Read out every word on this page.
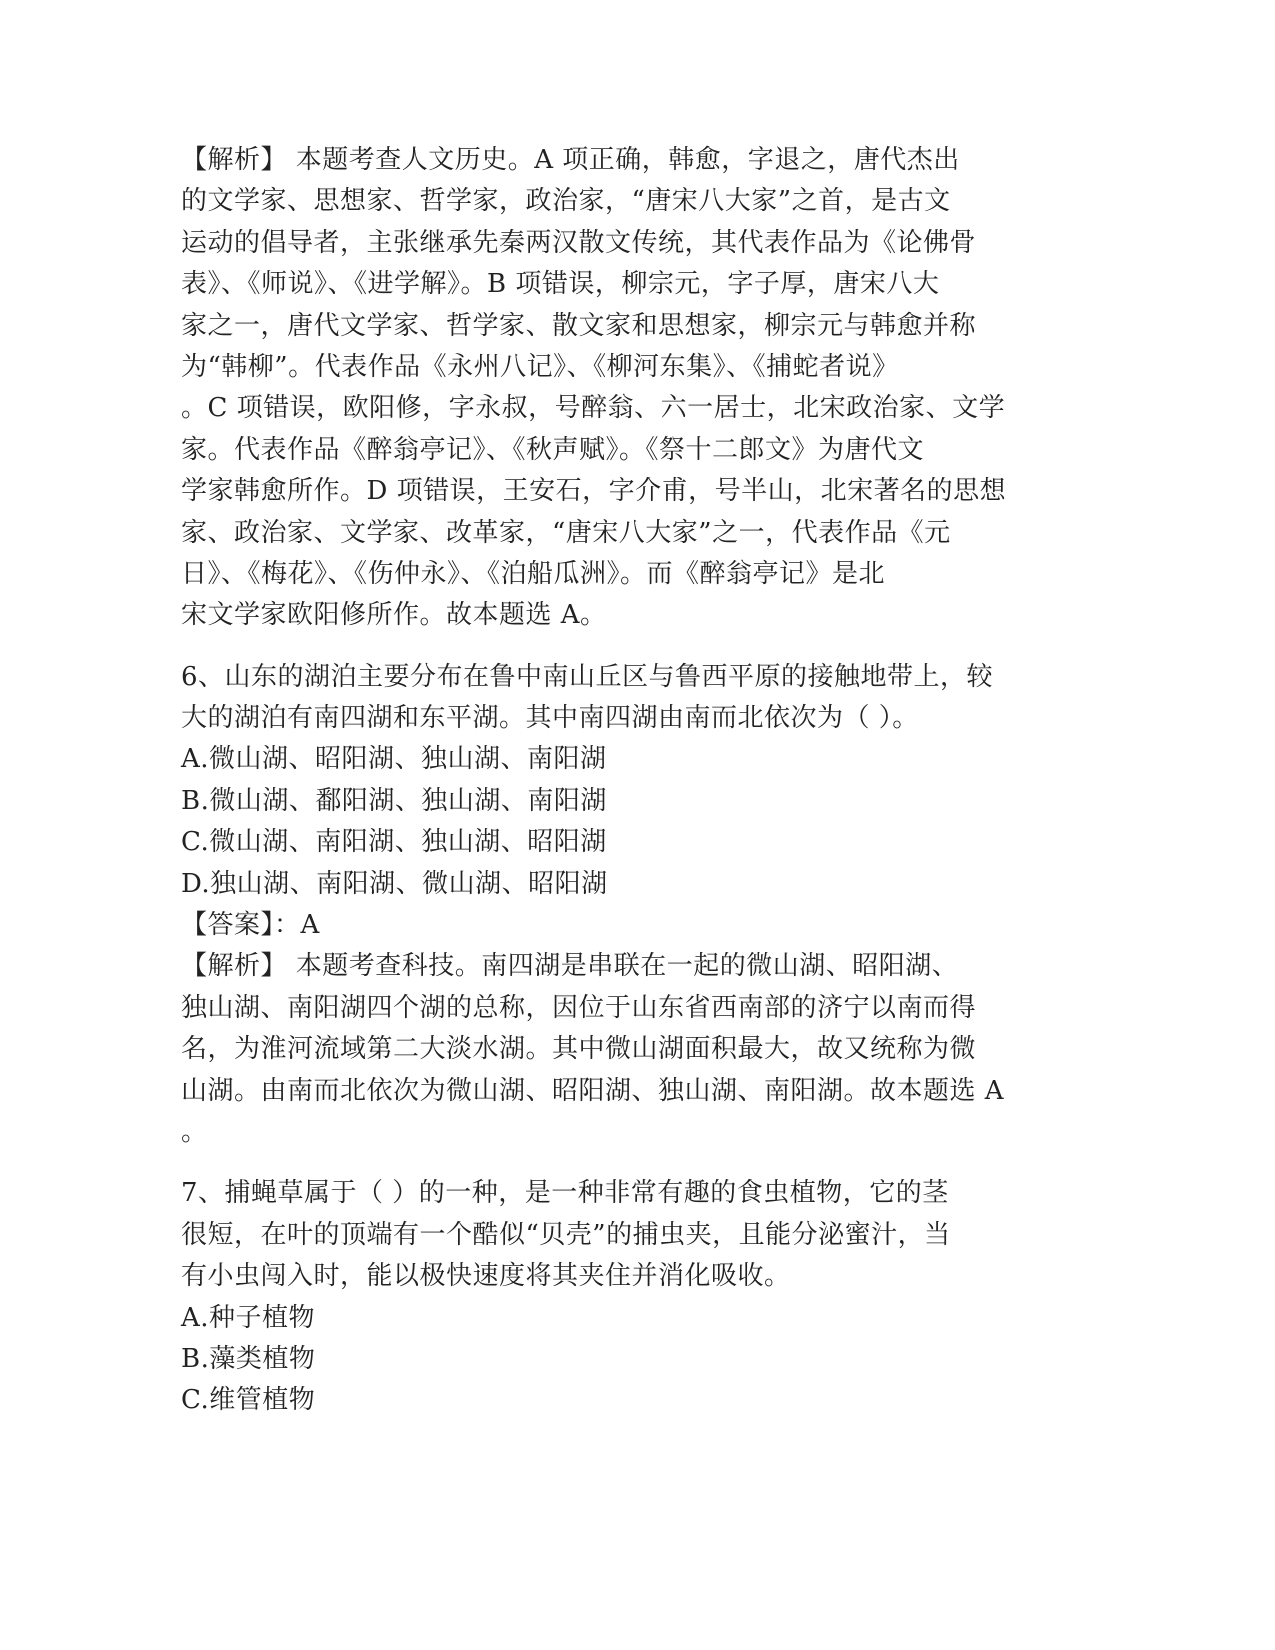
【解析】 本题考查人文历史。A 项正确，韩愈，字退之，唐代杰出
的文学家、思想家、哲学家，政治家，“唐宋八大家”之首，是古文
运动的倡导者，主张继承先秦两汉散文传统，其代表作品为《论佛骨
表》、《师说》、《进学解》。B 项错误，柳宗元，字子厚，唐宋八大
家之一，唐代文学家、哲学家、散文家和思想家，柳宗元与韩愈并称
为“韩柳”。代表作品《永州八记》、《柳河东集》、《捕蛇者说》
。C 项错误，欧阳修，字永叔，号醉翁、六一居士，北宋政治家、文学
家。代表作品《醉翁亭记》、《秋声赋》。《祭十二郎文》为唐代文
学家韩愈所作。D 项错误，王安石，字介甫，号半山，北宋著名的思想
家、政治家、文学家、改革家，“唐宋八大家”之一，代表作品《元
日》、《梅花》、《伤仲永》、《泊船瓜洲》。而《醉翁亭记》是北
宋文学家欧阳修所作。故本题选 A。
6、山东的湖泊主要分布在鲁中南山丘区与鲁西平原的接触地带上，较
大的湖泊有南四湖和东平湖。其中南四湖由南而北依次为（ ）。
A.微山湖、昭阳湖、独山湖、南阳湖
B.微山湖、鄱阳湖、独山湖、南阳湖
C.微山湖、南阳湖、独山湖、昭阳湖
D.独山湖、南阳湖、微山湖、昭阳湖
【答案】：A
【解析】 本题考查科技。南四湖是串联在一起的微山湖、昭阳湖、
独山湖、南阳湖四个湖的总称，因位于山东省西南部的济宁以南而得
名，为淮河流域第二大淡水湖。其中微山湖面积最大，故又统称为微
山湖。由南而北依次为微山湖、昭阳湖、独山湖、南阳湖。故本题选 A
。
7、捕蝇草属于（ ）的一种，是一种非常有趣的食虫植物，它的茎
很短，在叶的顶端有一个酷似“贝壳”的捕虫夹，且能分泌蜜汁，当
有小虫闯入时，能以极快速度将其夹住并消化吸收。
A.种子植物
B.藻类植物
C.维管植物
